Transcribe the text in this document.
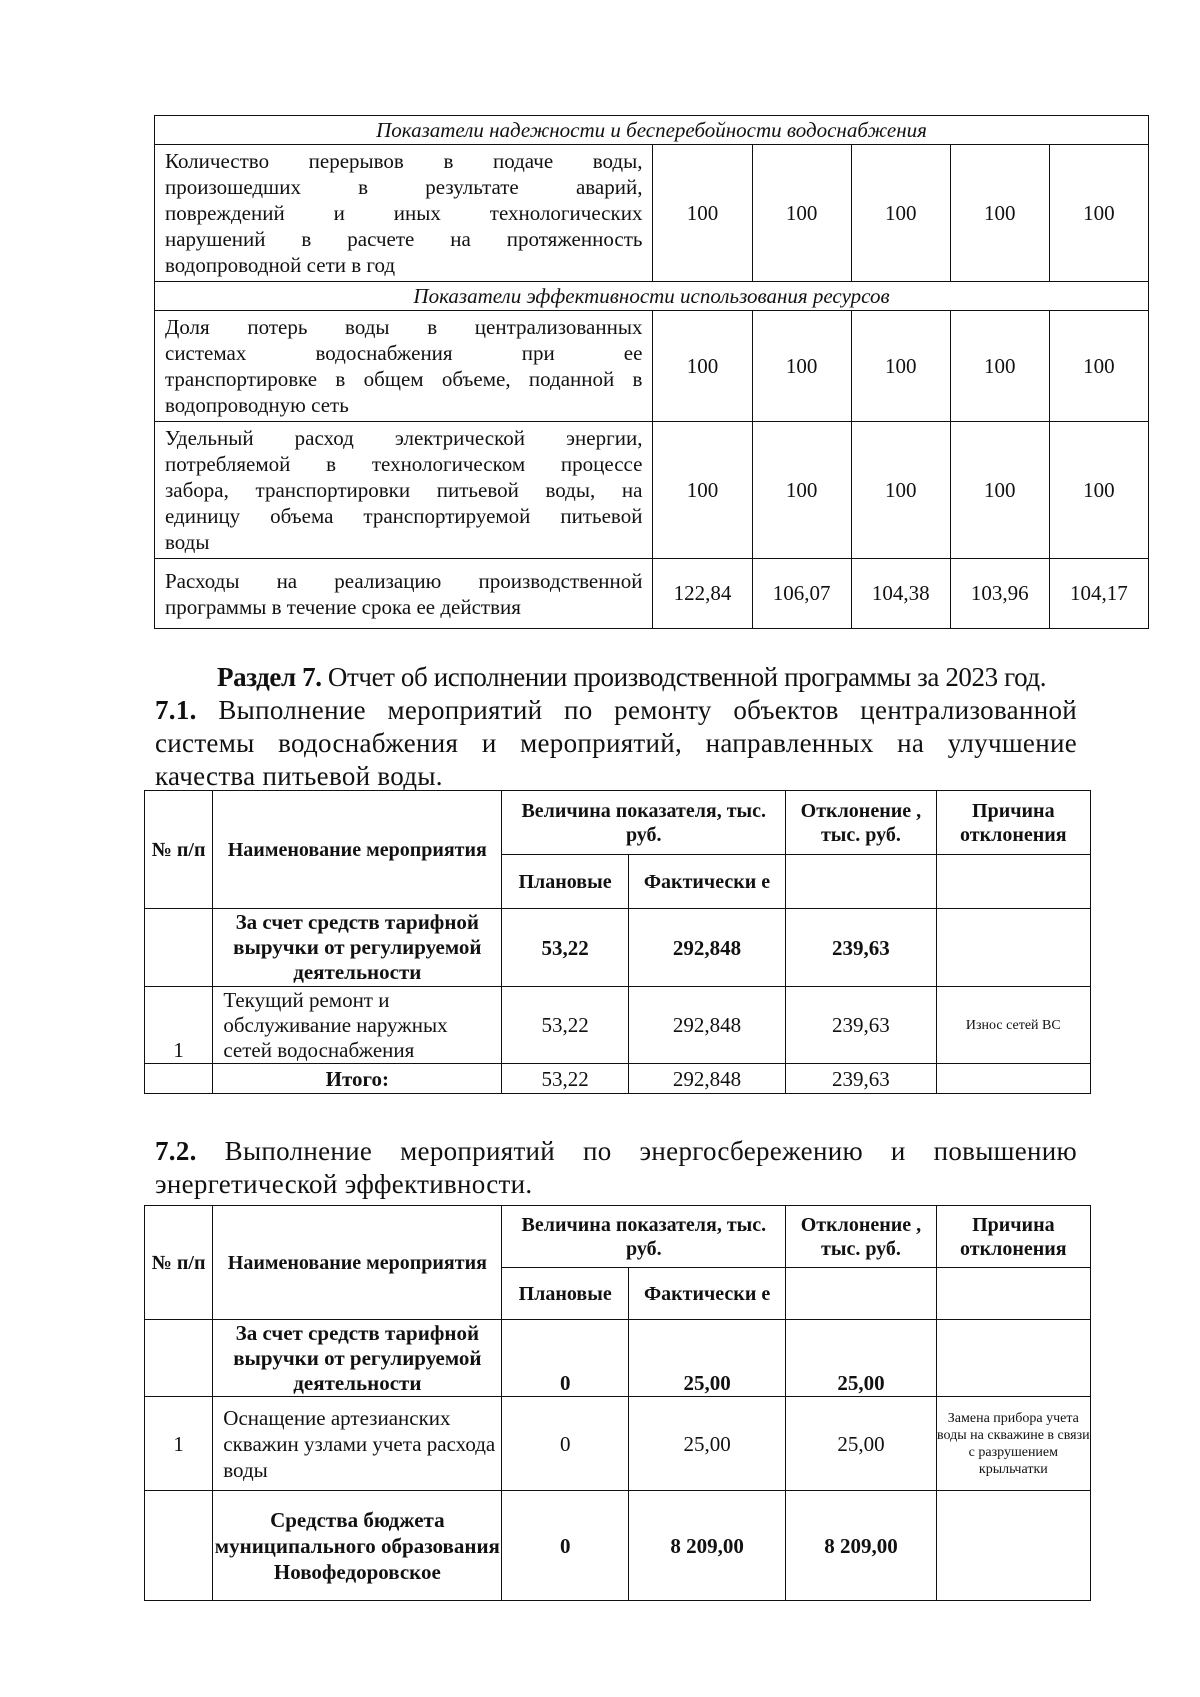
Показатели надежности и бесперебойности водоснабжения					

Количество перерывов в подаче воды,
произошедших в результате аварий,
повреждений и иных технологических
нарушений в расчете на протяженность
водопроводной сети в год	100	100	100	100	100
Показатели эффективности использования ресурсов					

Доля потерь воды в централизованных
системах водоснабжения при ее
транспортировке в общем объеме, поданной в
водопроводную сеть	100	100	100	100	100

Удельный расход электрической энергии,
потребляемой в технологическом процессе
забора, транспортировки питьевой воды, на
единицу объема транспортируемой питьевой
воды	100	100	100	100	100

Расходы на реализацию производственной
программы в течение срока ее действия	122,84	106,07	104,38	103,96	104,17
Раздел 7. Отчет об исполнении производственной программы за 2023 год.
7.1. Выполнение мероприятий по ремонту объектов централизованной
системы водоснабжения и мероприятий, направленных на улучшение
качества питьевой воды.
№ п/п	Наименование мероприятия	Величина показателя, тыс. руб.		Отклонение , тыс. руб.	Причина отклонения
		Плановые	Фактически е		
	За счет средств тарифной выручки от регулируемой деятельности	53,22	292,848	239,63	
1	Текущий ремонт и обслуживание наружных сетей водоснабжения	53,22	292,848	239,63	Износ сетей ВС
	Итого:	53,22	292,848	239,63	
7.2. Выполнение мероприятий по энергосбережению и повышению
энергетической эффективности.
№ п/п	Наименование мероприятия	Величина показателя, тыс. руб.		Отклонение , тыс. руб.	Причина отклонения
		Плановые	Фактически е		
	За счет средств тарифной выручки от регулируемой деятельности	0	25,00	25,00	
1	Оснащение артезианских скважин узлами учета расхода воды	0	25,00	25,00	Замена прибора учета воды на скважине в связи с разрушением крыльчатки
	Средства бюджета муниципального образования Новофедоровское	0	8 209,00	8 209,00	
